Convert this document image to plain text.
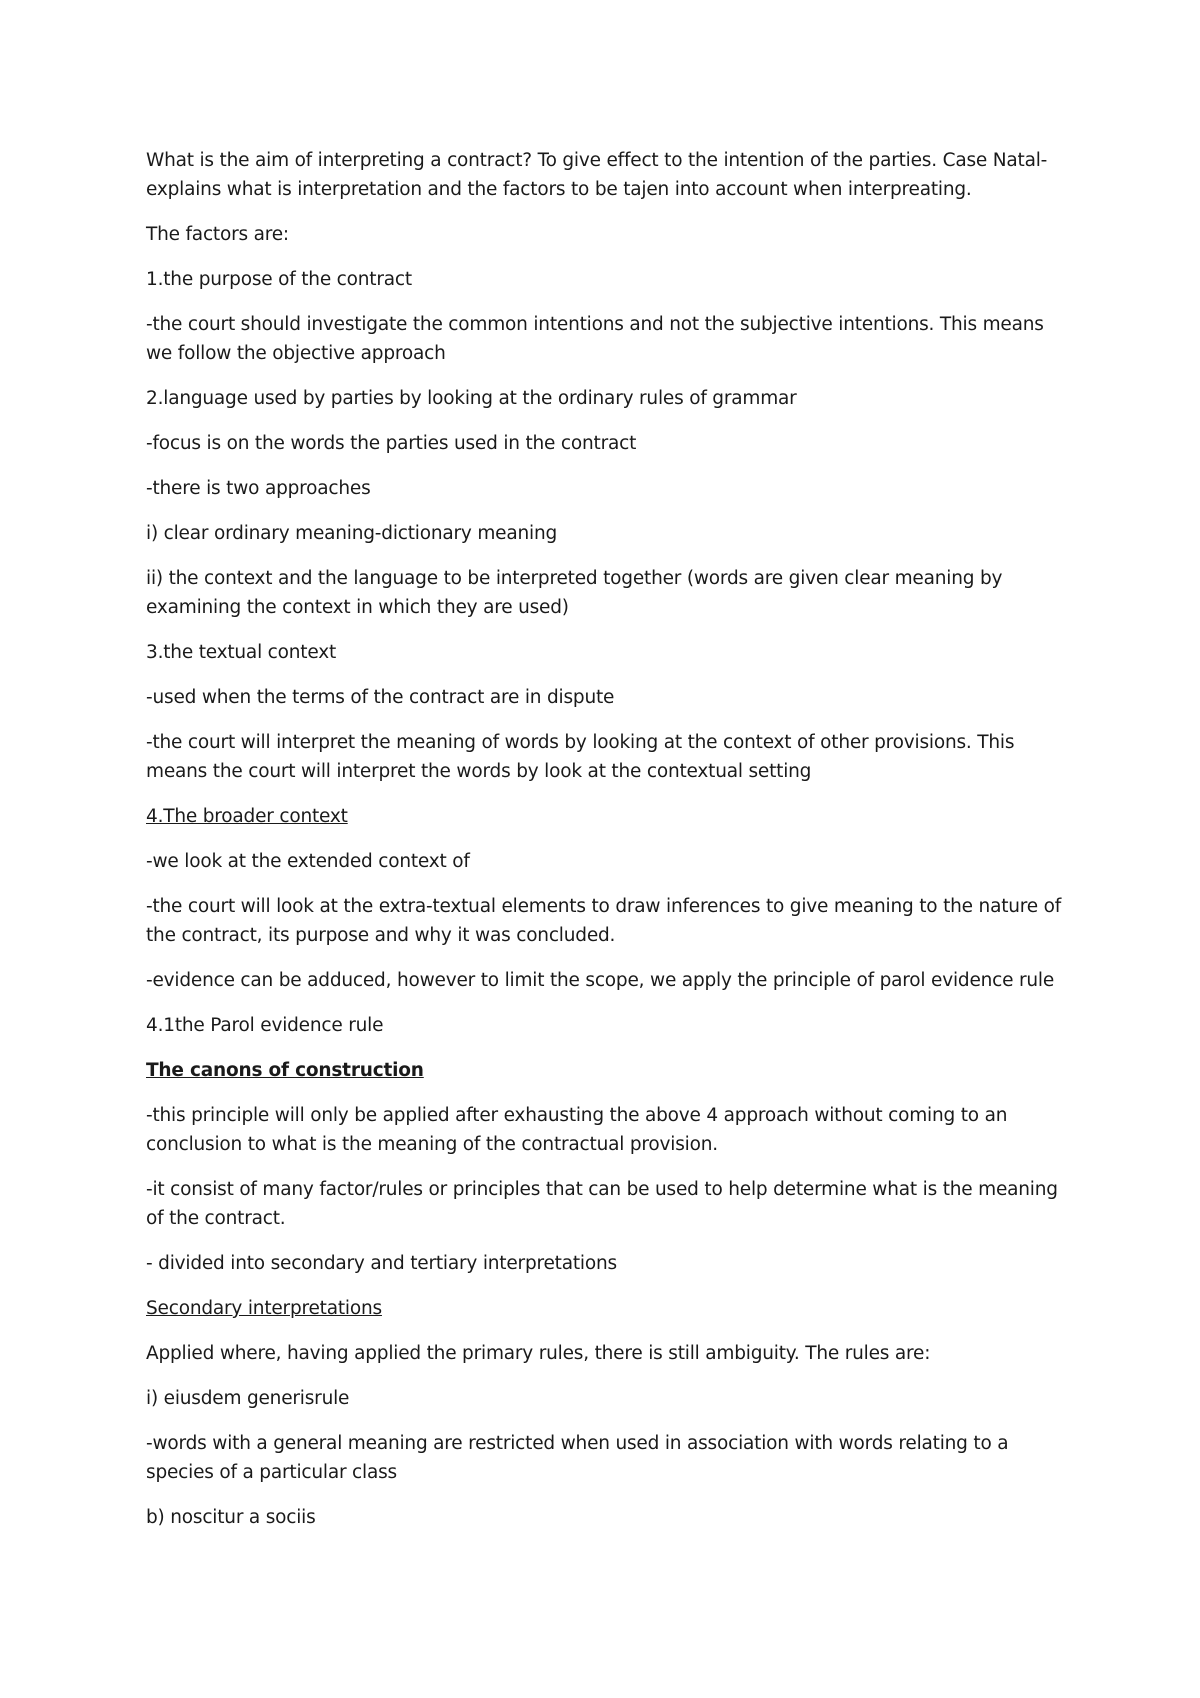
What is the aim of interpreting a contract? To give effect to the intention of the parties. Case Natal-explains what is interpretation and the factors to be tajen into account when interpreating.

The factors are:

1.the purpose of the contract

-the court should investigate the common intentions and not the subjective intentions. This means we follow the objective approach

2.language used by parties by looking at the ordinary rules of grammar

-focus is on the words the parties used in the contract

-there is two approaches

i) clear ordinary meaning-dictionary meaning

ii) the context and the language to be interpreted together (words are given clear meaning by examining the context in which they are used)

3.the textual context

-used when the terms of the contract are in dispute

-the court will interpret the meaning of words by looking at the context of other provisions. This means the court will interpret the words by look at the contextual setting

4.The broader context

-we look at the extended context of

-the court will look at the extra-textual elements to draw inferences to give meaning to the nature of the contract, its purpose and why it was concluded.

-evidence can be adduced, however to limit the scope, we apply the principle of parol evidence rule

4.1the Parol evidence rule

The canons of construction

-this principle will only be applied after exhausting the above 4 approach without coming to an conclusion to what is the meaning of the contractual provision.

-it consist of many factor/rules or principles that can be used to help determine what is the meaning of the contract.

- divided into secondary and tertiary interpretations

Secondary interpretations

Applied where, having applied the primary rules, there is still ambiguity. The rules are:

i) eiusdem generisrule

-words with a general meaning are restricted when used in association with words relating to a species of a particular class

b) noscitur a sociis
